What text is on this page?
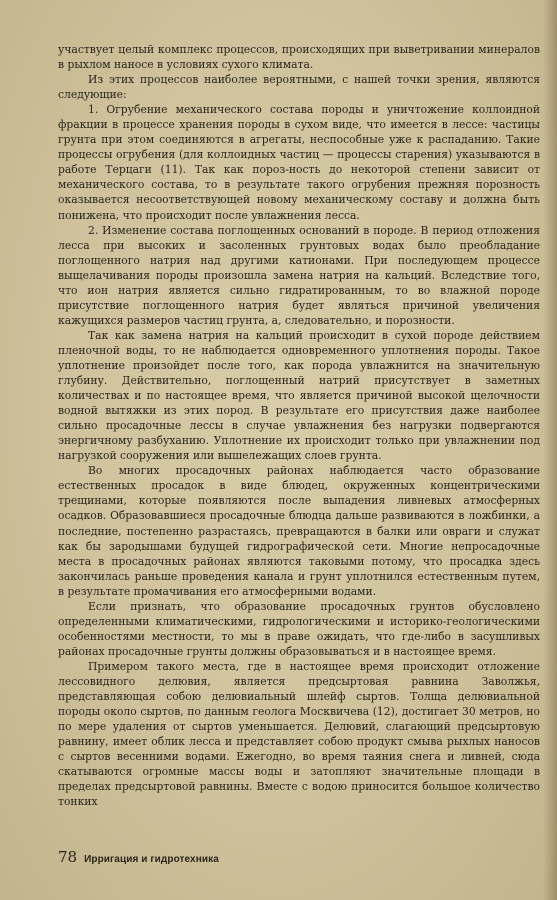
участвует целый комплекс процессов, происходящих при выветривании минералов в рыхлом наносе в условиях сухого климата.

Из этих процессов наиболее вероятными, с нашей точки зрения, являются следующие:

1. Огрубение механического состава породы и уничтожение коллоидной фракции в процессе хранения породы в сухом виде, что имеется в лессе: частицы грунта при этом соединяются в агрегаты, неспособные уже к распаданию. Такие процессы огрубения (для коллоидных частиц — процессы старения) указываются в работе Терцаги (11). Так как пороз-ность до некоторой степени зависит от механического состава, то в результате такого огрубения прежняя порозность оказывается несоответствующей новому механическому составу и должна быть понижена, что происходит после увлажнения лесса.

2. Изменение состава поглощенных оснований в породе. В период отложения лесса при высоких и засоленных грунтовых водах было преобладание поглощенного натрия над другими катионами. При последующем процессе выщелачивания породы произошла замена натрия на кальций. Вследствие того, что ион натрия является сильно гидратированным, то во влажной породе присутствие поглощенного натрия будет являться причиной увеличения кажущихся размеров частиц грунта, а, следовательно, и порозности.

Так как замена натрия на кальций происходит в сухой породе действием пленочной воды, то не наблюдается одновременного уплотнения породы. Такое уплотнение произойдет после того, как порода увлажнится на значительную глубину. Действительно, поглощенный натрий присутствует в заметных количествах и по настоящее время, что является причиной высокой щелочности водной вытяжки из этих пород. В результате его присутствия даже наиболее сильно просадочные лессы в случае увлажнения без нагрузки подвергаются энергичному разбуханию. Уплотнение их происходит только при увлажнении под нагрузкой сооружения или вышележащих слоев грунта.

Во многих просадочных районах наблюдается часто образование естественных просадок в виде блюдец, окруженных концентрическими трещинами, которые появляются после выпадения ливневых атмосферных осадков. Образовавшиеся просадочные блюдца дальше развиваются в ложбинки, а последние, постепенно разрастаясь, превращаются в балки или овраги и служат как бы зародышами будущей гидрографической сети. Многие непросадочные места в просадочных районах являются таковыми потому, что просадка здесь закончилась раньше проведения канала и грунт уплотнился естественным путем, в результате промачивания его атмосферными водами.

Если признать, что образование просадочных грунтов обусловлено определенными климатическими, гидрологическими и историко-геологическими особенностями местности, то мы в праве ожидать, что где-либо в засушливых районах просадочные грунты должны образовываться и в настоящее время.

Примером такого места, где в настоящее время происходит отложение лессовидного делювия, является предсыртовая равнина Заволжья, представляющая собою делювиальный шлейф сыртов. Толща делювиальной породы около сыртов, по данным геолога Москвичева (12), достигает 30 метров, но по мере удаления от сыртов уменьшается. Делювий, слагающий предсыртовую равнину, имеет облик лесса и представляет собою продукт смыва рыхлых наносов с сыртов весенними водами. Ежегодно, во время таяния снега и ливней, сюда скатываются огромные массы воды и затопляют значительные площади в пределах предсыртовой равнины. Вместе с водою приносится большое количество тонких

78 Ирригация и гидротехника
